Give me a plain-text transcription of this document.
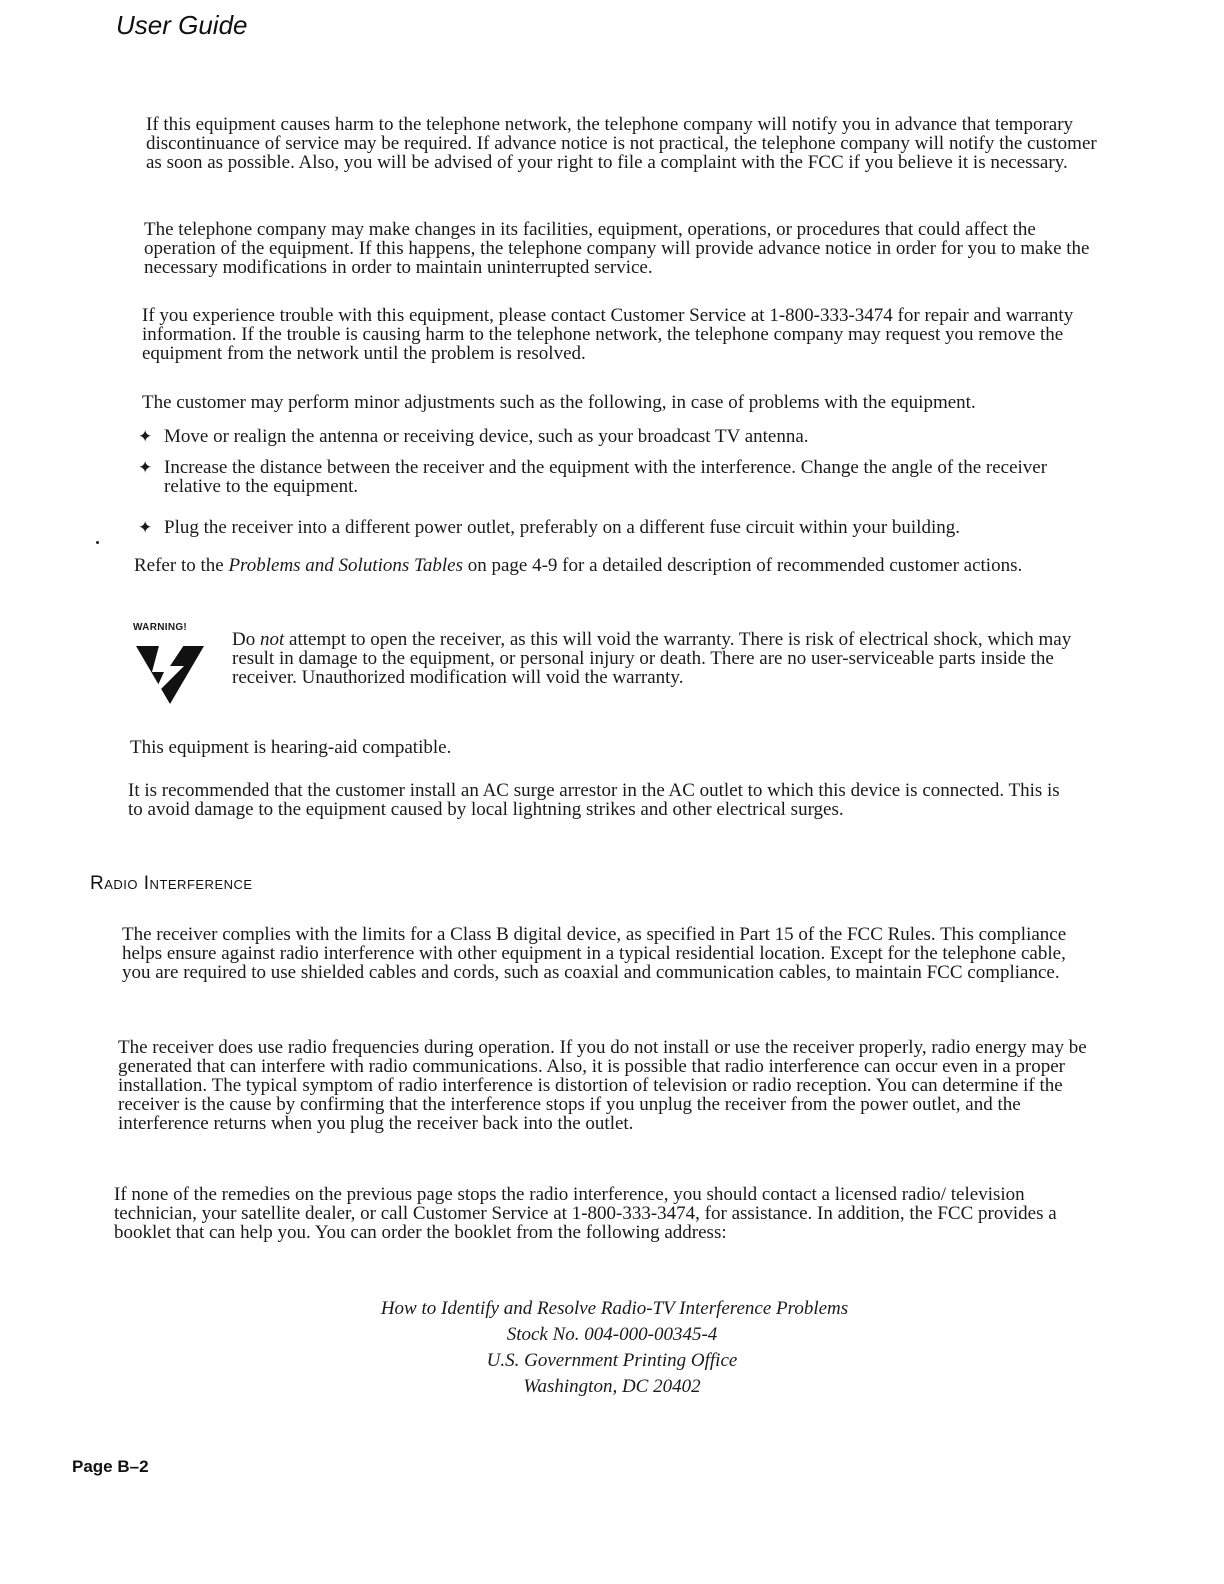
User Guide

If this equipment causes harm to the telephone network, the telephone company will notify you in advance that temporary discontinuance of service may be required. If advance notice is not practical, the telephone company will notify the customer as soon as possible. Also, you will be advised of your right to file a complaint with the FCC if you believe it is necessary.

The telephone company may make changes in its facilities, equipment, operations, or procedures that could affect the operation of the equipment. If this happens, the telephone company will provide advance notice in order for you to make the necessary modifications in order to maintain uninterrupted service.

If you experience trouble with this equipment, please contact Customer Service at 1-800-333-3474 for repair and warranty information. If the trouble is causing harm to the telephone network, the telephone company may request you remove the equipment from the network until the problem is resolved.

The customer may perform minor adjustments such as the following, in case of problems with the equipment.

✦ Move or realign the antenna or receiving device, such as your broadcast TV antenna.
✦ Increase the distance between the receiver and the equipment with the interference. Change the angle of the receiver relative to the equipment.
✦ Plug the receiver into a different power outlet, preferably on a different fuse circuit within your building.

Refer to the Problems and Solutions Tables on page 4-9 for a detailed description of recommended customer actions.

WARNING!

Do not attempt to open the receiver, as this will void the warranty. There is risk of electrical shock, which may result in damage to the equipment, or personal injury or death. There are no user-serviceable parts inside the receiver. Unauthorized modification will void the warranty.

This equipment is hearing-aid compatible.

It is recommended that the customer install an AC surge arrestor in the AC outlet to which this device is connected. This is to avoid damage to the equipment caused by local lightning strikes and other electrical surges.

Radio Interference

The receiver complies with the limits for a Class B digital device, as specified in Part 15 of the FCC Rules. This compliance helps ensure against radio interference with other equipment in a typical residential location. Except for the telephone cable, you are required to use shielded cables and cords, such as coaxial and communication cables, to maintain FCC compliance.

The receiver does use radio frequencies during operation. If you do not install or use the receiver properly, radio energy may be generated that can interfere with radio communications. Also, it is possible that radio interference can occur even in a proper installation. The typical symptom of radio interference is distortion of television or radio reception. You can determine if the receiver is the cause by confirming that the interference stops if you unplug the receiver from the power outlet, and the interference returns when you plug the receiver back into the outlet.

If none of the remedies on the previous page stops the radio interference, you should contact a licensed radio/ television technician, your satellite dealer, or call Customer Service at 1-800-333-3474, for assistance. In addition, the FCC provides a booklet that can help you. You can order the booklet from the following address:

How to Identify and Resolve Radio-TV Interference Problems
Stock No. 004-000-00345-4
U.S. Government Printing Office
Washington, DC 20402
Page B–2
